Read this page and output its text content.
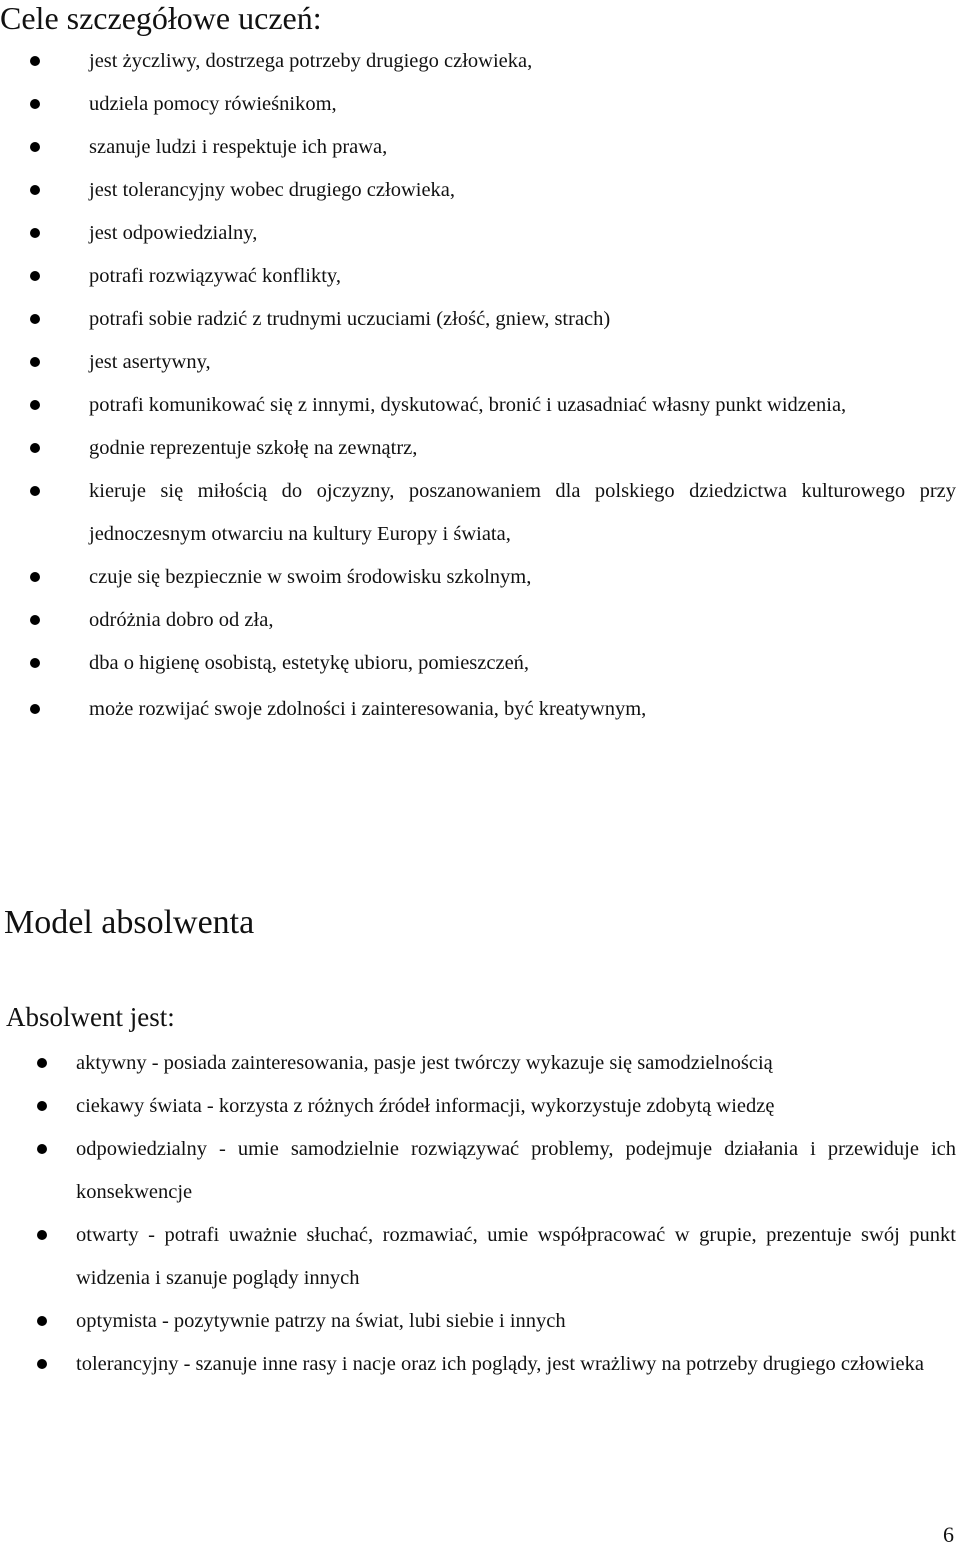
Cele szczegółowe uczeń:
jest życzliwy, dostrzega potrzeby drugiego człowieka,
udziela pomocy rówieśnikom,
szanuje ludzi i respektuje ich prawa,
jest tolerancyjny wobec drugiego człowieka,
jest odpowiedzialny,
potrafi rozwiązywać konflikty,
potrafi sobie radzić z trudnymi uczuciami (złość, gniew, strach)
jest asertywny,
potrafi komunikować się z innymi, dyskutować, bronić i uzasadniać własny punkt widzenia,
godnie reprezentuje szkołę na zewnątrz,
kieruje się miłością do ojczyzny, poszanowaniem dla polskiego dziedzictwa kulturowego przy jednoczesnym otwarciu na kultury Europy i świata,
czuje się bezpiecznie w swoim środowisku szkolnym,
odróżnia dobro od zła,
dba o higienę osobistą, estetykę ubioru, pomieszczeń,
może rozwijać swoje zdolności i zainteresowania, być kreatywnym,
Model absolwenta
Absolwent jest:
aktywny - posiada zainteresowania, pasje jest twórczy wykazuje się samodzielnością
ciekawy świata - korzysta z różnych źródeł informacji, wykorzystuje zdobytą wiedzę
odpowiedzialny - umie samodzielnie rozwiązywać problemy, podejmuje działania i przewiduje ich konsekwencje
otwarty - potrafi uważnie słuchać, rozmawiać, umie współpracować w grupie, prezentuje swój punkt widzenia i szanuje poglądy innych
optymista - pozytywnie patrzy na świat, lubi siebie i innych
tolerancyjny - szanuje inne rasy i nacje oraz ich poglądy, jest wrażliwy na potrzeby drugiego człowieka
6
